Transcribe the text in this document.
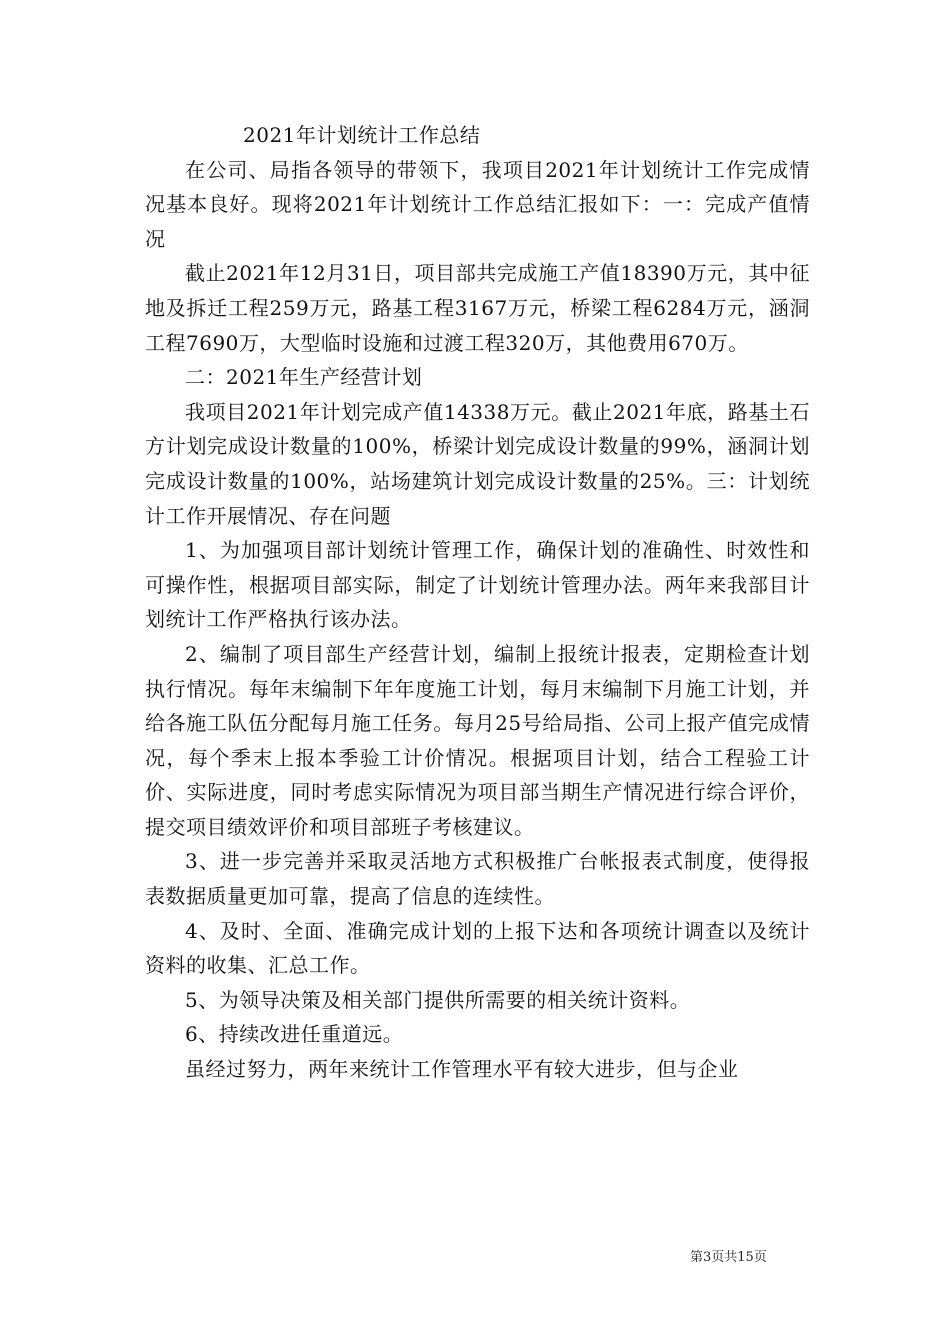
2021年计划统计工作总结

在公司、局指各领导的带领下，我项目2021年计划统计工作完成情况基本良好。现将2021年计划统计工作总结汇报如下：一：完成产值情况

截止2021年12月31日，项目部共完成施工产值18390万元，其中征地及拆迁工程259万元，路基工程3167万元，桥梁工程6284万元，涵洞工程7690万，大型临时设施和过渡工程320万，其他费用670万。

二：2021年生产经营计划

我项目2021年计划完成产值14338万元。截止2021年底，路基土石方计划完成设计数量的100%，桥梁计划完成设计数量的99%，涵洞计划完成设计数量的100%，站场建筑计划完成设计数量的25%。三：计划统计工作开展情况、存在问题

1、为加强项目部计划统计管理工作，确保计划的准确性、时效性和可操作性，根据项目部实际，制定了计划统计管理办法。两年来我部目计划统计工作严格执行该办法。

2、编制了项目部生产经营计划，编制上报统计报表，定期检查计划执行情况。每年末编制下年年度施工计划，每月末编制下月施工计划，并给各施工队伍分配每月施工任务。每月25号给局指、公司上报产值完成情况，每个季末上报本季验工计价情况。根据项目计划，结合工程验工计价、实际进度，同时考虑实际情况为项目部当期生产情况进行综合评价，提交项目绩效评价和项目部班子考核建议。

3、进一步完善并采取灵活地方式积极推广台帐报表式制度，使得报表数据质量更加可靠，提高了信息的连续性。

4、及时、全面、准确完成计划的上报下达和各项统计调查以及统计资料的收集、汇总工作。

5、为领导决策及相关部门提供所需要的相关统计资料。

6、持续改进任重道远。

虽经过努力，两年来统计工作管理水平有较大进步，但与企业

第3页共15页
